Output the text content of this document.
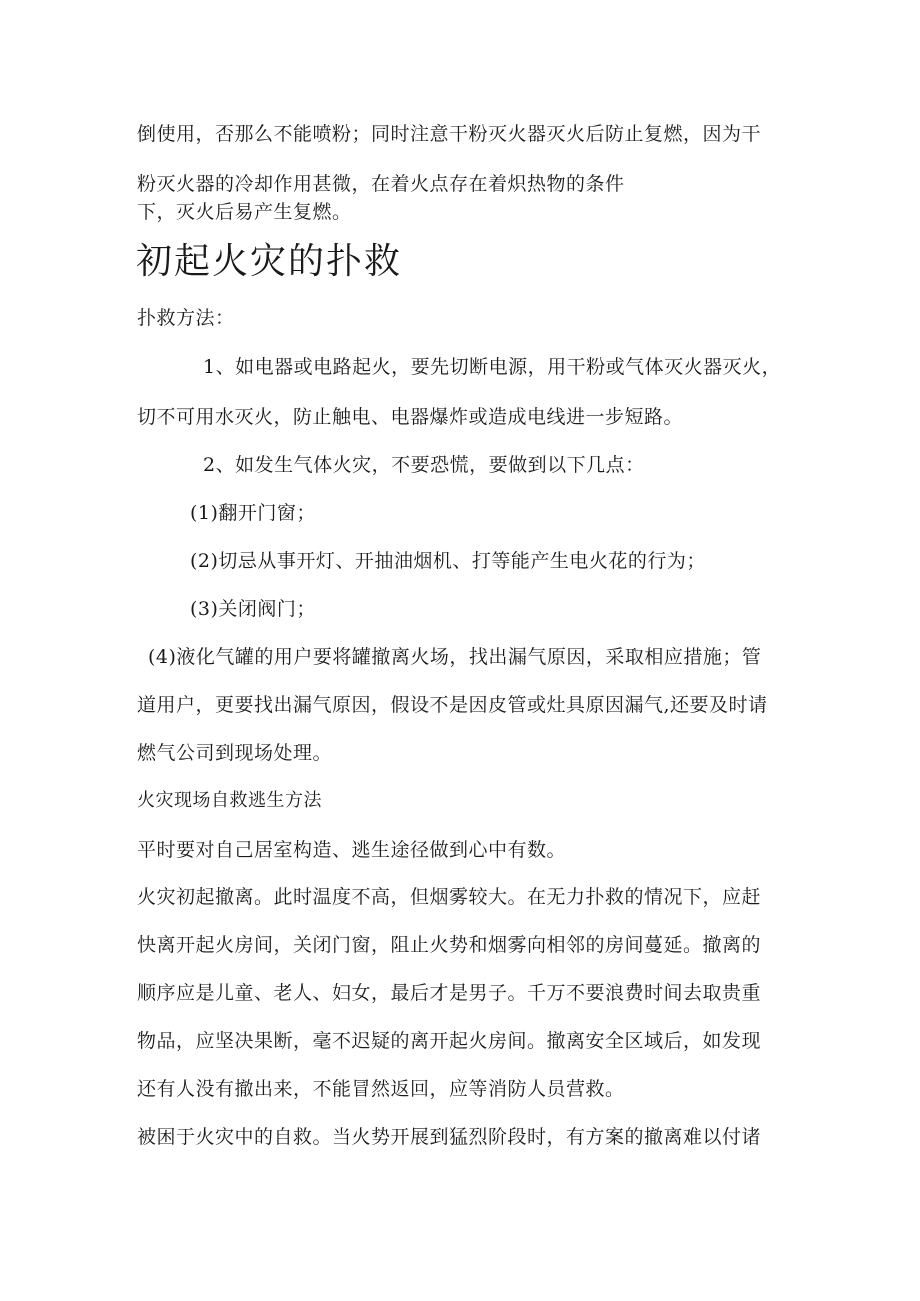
倒使用，否那么不能喷粉；同时注意干粉灭火器灭火后防止复燃，因为干
粉灭火器的冷却作用甚微，在着火点存在着炽热物的条件
下，灭火后易产生复燃。
初起火灾的扑救
扑救方法：
1、如电器或电路起火，要先切断电源，用干粉或气体灭火器灭火，
切不可用水灭火，防止触电、电器爆炸或造成电线进一步短路。
2、如发生气体火灾，不要恐慌，要做到以下几点：
(1)翻开门窗；
(2)切忌从事开灯、开抽油烟机、打等能产生电火花的行为；
(3)关闭阀门；
(4)液化气罐的用户要将罐撤离火场，找出漏气原因，采取相应措施；管
道用户，更要找出漏气原因，假设不是因皮管或灶具原因漏气,还要及时请
燃气公司到现场处理。
火灾现场自救逃生方法
平时要对自己居室构造、逃生途径做到心中有数。
火灾初起撤离。此时温度不高，但烟雾较大。在无力扑救的情况下，应赶
快离开起火房间，关闭门窗，阻止火势和烟雾向相邻的房间蔓延。撤离的
顺序应是儿童、老人、妇女，最后才是男子。千万不要浪费时间去取贵重
物品，应坚决果断，毫不迟疑的离开起火房间。撤离安全区域后，如发现
还有人没有撤出来，不能冒然返回，应等消防人员营救。
被困于火灾中的自救。当火势开展到猛烈阶段时，有方案的撤离难以付诸
